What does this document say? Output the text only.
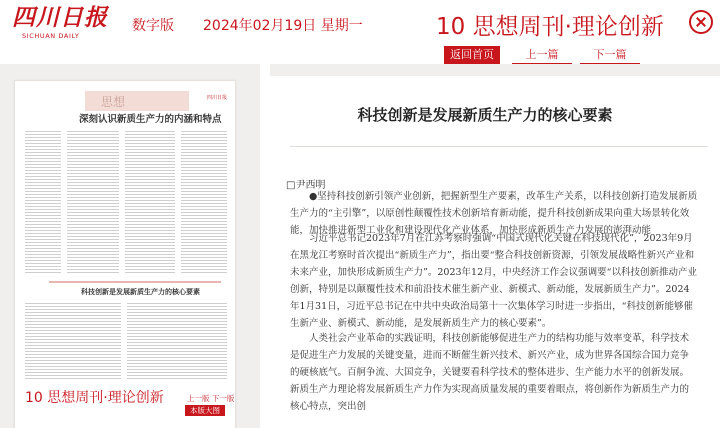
四川日报
SICHUAN DAILY
数字版 2024年02月19日 星期一	10 思想周刊·理论创新
返回首页	上一篇	下一篇
思想	四川日报
深刻认识新质生产力的内涵和特点
科技创新是发展新质生产力的核心要素
10 思想周刊·理论创新	上一版 下一版
本版大图
科技创新是发展新质生产力的核心要素
□尹西明

●坚持科技创新引领产业创新，把握新型生产要素，改革生产关系，以科技创新打造发展新质生产力的“主引擎”，以原创性颠覆性技术创新培育新动能，提升科技创新成果向重大场景转化效能，加快推进新型工业化和建设现代化产业体系，加快形成新质生产力发展的澎湃动能

习近平总书记2023年7月在江苏考察时强调“中国式现代化关键在科技现代化”，2023年9月在黑龙江考察时首次提出“新质生产力”，指出要“整合科技创新资源，引领发展战略性新兴产业和未来产业，加快形成新质生产力”。2023年12月，中央经济工作会议强调要“以科技创新推动产业创新，特别是以颠覆性技术和前沿技术催生新产业、新模式、新动能，发展新质生产力”。2024年1月31日，习近平总书记在中共中央政治局第十一次集体学习时进一步指出，“科技创新能够催生新产业、新模式、新动能，是发展新质生产力的核心要素”。

人类社会产业革命的实践证明，科技创新能够促进生产力的结构功能与效率变革，科学技术是促进生产力发展的关键变量，进而不断催生新兴技术、新兴产业，成为世界各国综合国力竞争的硬核底气。百舸争流、大国竞争，关键要看科学技术的整体进步、生产能力水平的创新发展。新质生产力理论将发展新质生产力作为实现高质量发展的重要着眼点，将创新作为新质生产力的核心特点，突出创
